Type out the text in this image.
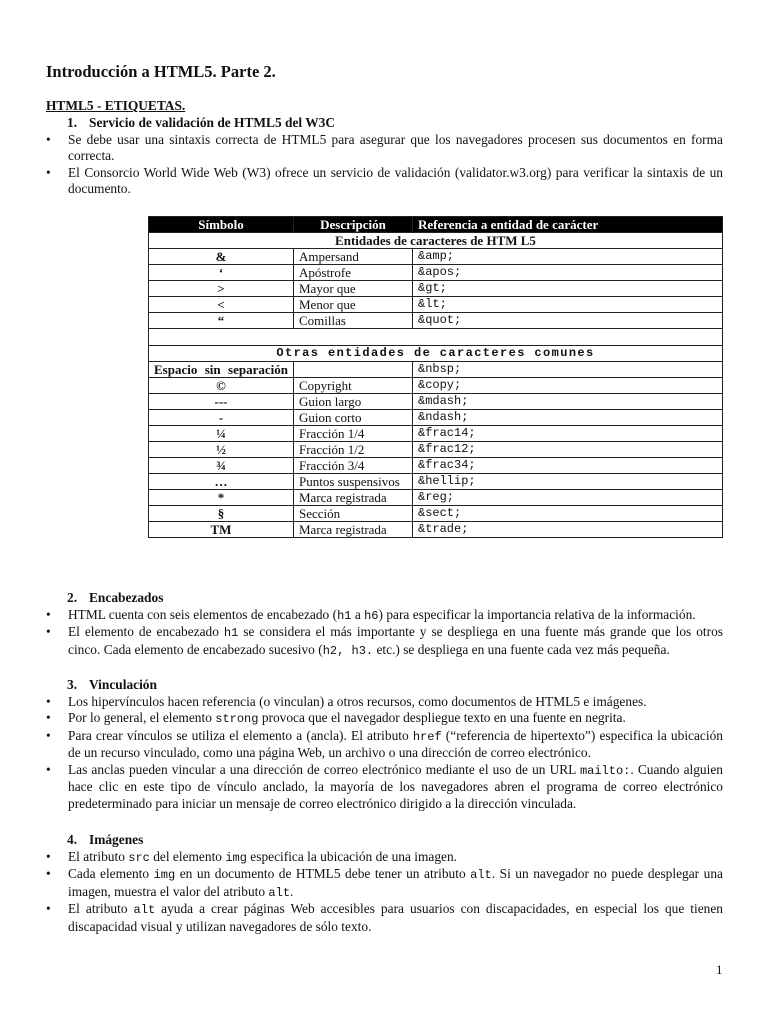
Introducción a HTML5. Parte 2.
HTML5 - ETIQUETAS.
1. Servicio de validación de HTML5 del W3C
• Se debe usar una sintaxis correcta de HTML5 para asegurar que los navegadores procesen sus documentos en forma correcta.
• El Consorcio World Wide Web (W3) ofrece un servicio de validación (validator.w3.org) para verificar la sintaxis de un documento.
Símbolo	Descripción	Referencia a entidad de carácter
Entidades de caracteres de HTM L5		
&	Ampersand	&amp;
‘	Apóstrofe	&apos;
>	Mayor que	&gt;
<	Menor que	&lt;
“	Comillas	&quot;

Otras entidades de caracteres comunes		
Espacio sin separación		&nbsp;
©	Copyright	&copy;
---	Guion largo	&mdash;
-	Guion corto	&ndash;
¼	Fracción 1/4	&frac14;
½	Fracción 1/2	&frac12;
¾	Fracción 3/4	&frac34;
…	Puntos suspensivos	&hellip;
*	Marca registrada	&reg;
§	Sección	&sect;
TM	Marca registrada	&trade;
2. Encabezados
• HTML cuenta con seis elementos de encabezado (h1 a h6) para especificar la importancia relativa de la información.
• El elemento de encabezado h1 se considera el más importante y se despliega en una fuente más grande que los otros cinco. Cada elemento de encabezado sucesivo (h2, h3. etc.) se despliega en una fuente cada vez más pequeña.
3. Vinculación
• Los hipervínculos hacen referencia (o vinculan) a otros recursos, como documentos de HTML5 e imágenes.
• Por lo general, el elemento strong provoca que el navegador despliegue texto en una fuente en negrita.
• Para crear vínculos se utiliza el elemento a (ancla). El atributo href (“referencia de hipertexto”) especifica la ubicación de un recurso vinculado, como una página Web, un archivo o una dirección de correo electrónico.
• Las anclas pueden vincular a una dirección de correo electrónico mediante el uso de un URL mailto:. Cuando alguien hace clic en este tipo de vínculo anclado, la mayoría de los navegadores abren el programa de correo electrónico predeterminado para iniciar un mensaje de correo electrónico dirigido a la dirección vinculada.
4. Imágenes
• El atributo src del elemento img especifica la ubicación de una imagen.
• Cada elemento img en un documento de HTML5 debe tener un atributo alt. Si un navegador no puede desplegar una imagen, muestra el valor del atributo alt.
• El atributo alt ayuda a crear páginas Web accesibles para usuarios con discapacidades, en especial los que tienen discapacidad visual y utilizan navegadores de sólo texto.
1
